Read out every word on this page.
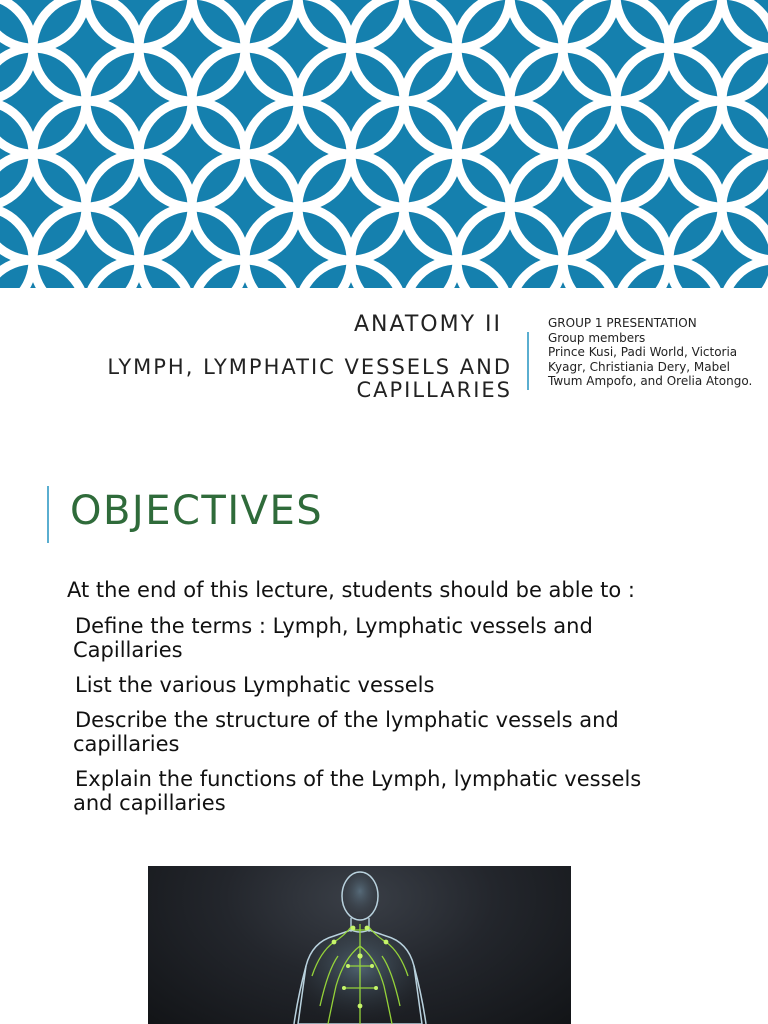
ANATOMY II
LYMPH, LYMPHATIC VESSELS AND CAPILLARIES
GROUP 1 PRESENTATION
Group members
Prince Kusi, Padi World, Victoria Kyagr, Christiania Dery, Mabel Twum Ampofo, and Orelia Atongo.
OBJECTIVES
At the end of this lecture, students should be able to :
Define the terms : Lymph, Lymphatic vessels and Capillaries
List the various Lymphatic vessels
Describe the structure of the lymphatic vessels and capillaries
Explain the functions of the Lymph, lymphatic vessels and capillaries
